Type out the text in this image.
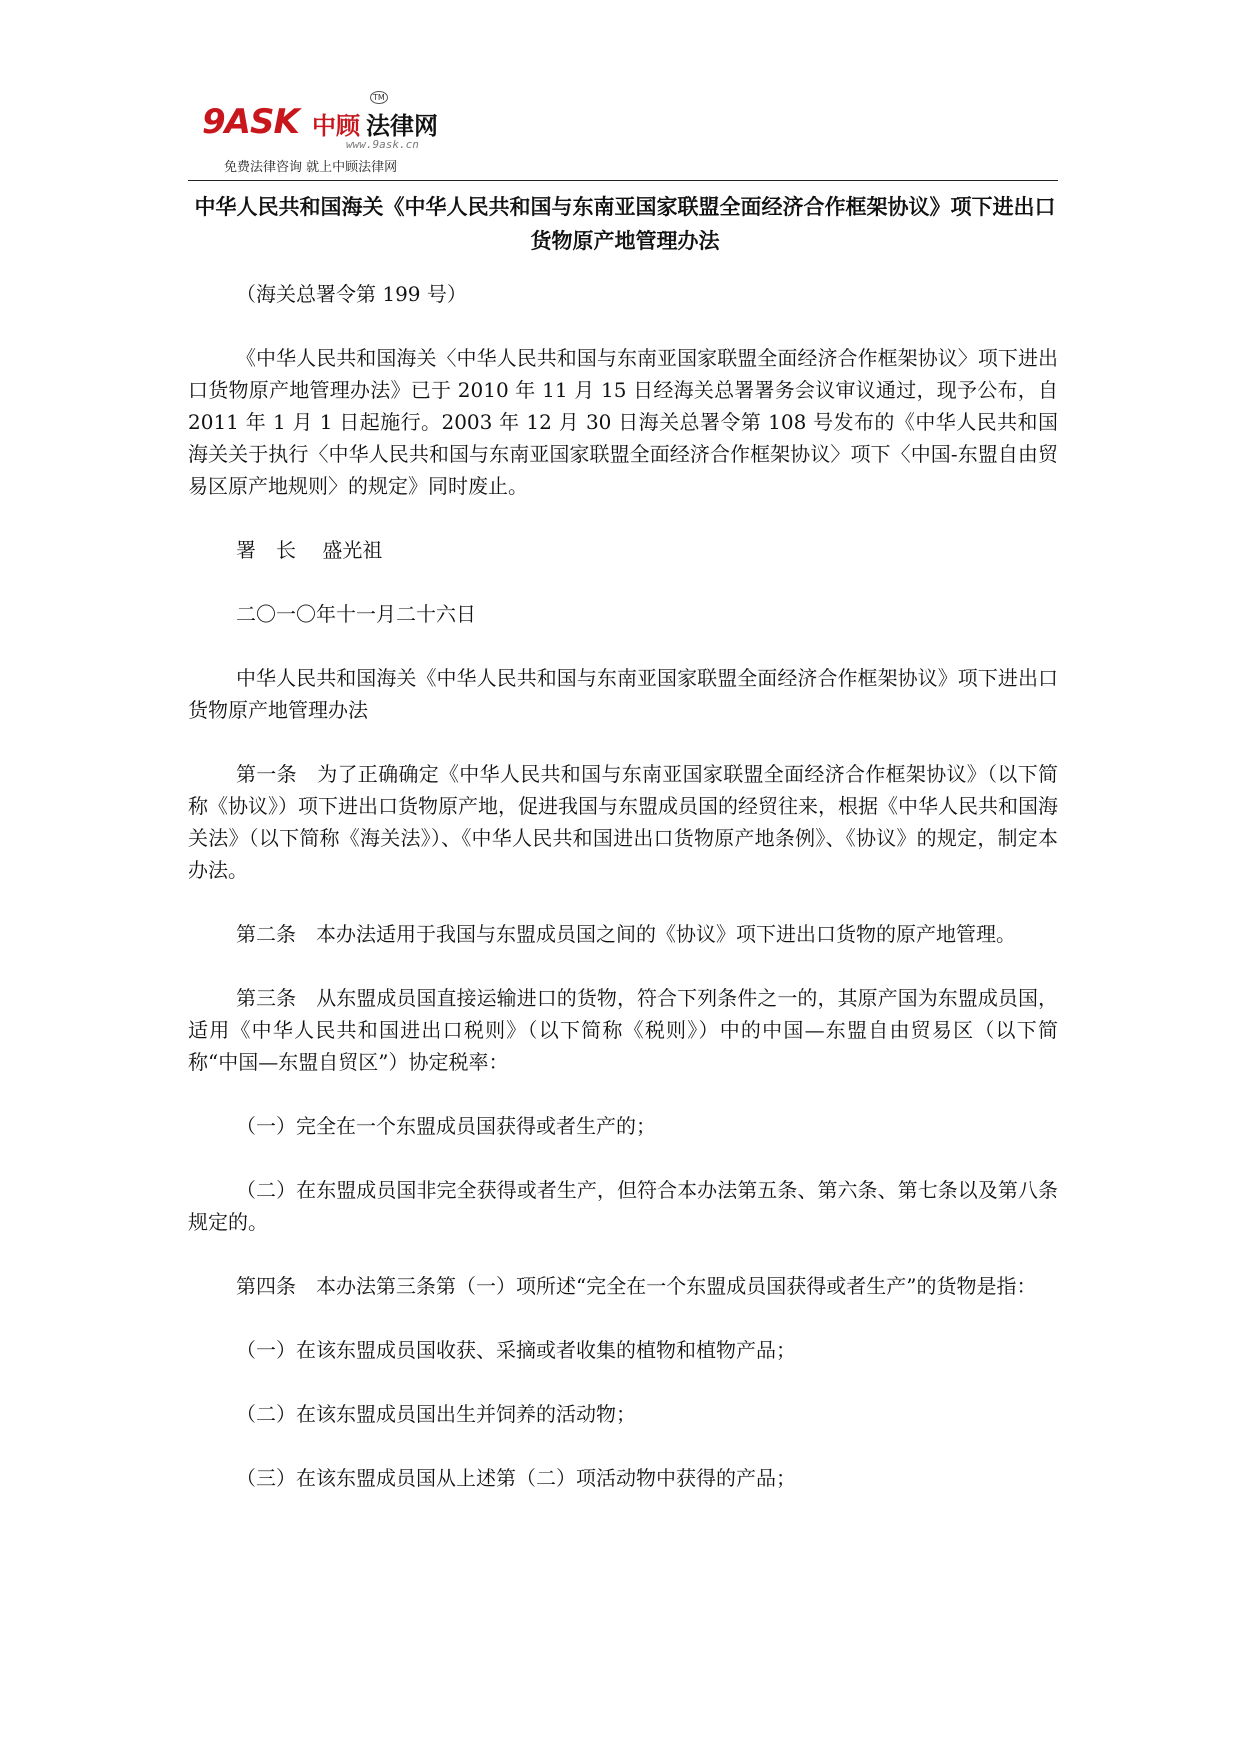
9ASK 中顾 法律网
TM
www.9ask.cn
免费法律咨询 就上中顾法律网
中华人民共和国海关《中华人民共和国与东南亚国家联盟全面经济合作框架协议》项下进出口货物原产地管理办法

（海关总署令第 199 号）

《中华人民共和国海关〈中华人民共和国与东南亚国家联盟全面经济合作框架协议〉项下进出口货物原产地管理办法》已于 2010 年 11 月 15 日经海关总署署务会议审议通过，现予公布，自 2011 年 1 月 1 日起施行。2003 年 12 月 30 日海关总署令第 108 号发布的《中华人民共和国海关关于执行〈中华人民共和国与东南亚国家联盟全面经济合作框架协议〉项下〈中国-东盟自由贸易区原产地规则〉的规定》同时废止。

署　长　 盛光祖

二〇一〇年十一月二十六日

中华人民共和国海关《中华人民共和国与东南亚国家联盟全面经济合作框架协议》项下进出口货物原产地管理办法

第一条　为了正确确定《中华人民共和国与东南亚国家联盟全面经济合作框架协议》（以下简称《协议》）项下进出口货物原产地，促进我国与东盟成员国的经贸往来，根据《中华人民共和国海关法》（以下简称《海关法》）、《中华人民共和国进出口货物原产地条例》、《协议》的规定，制定本办法。

第二条　本办法适用于我国与东盟成员国之间的《协议》项下进出口货物的原产地管理。

第三条　从东盟成员国直接运输进口的货物，符合下列条件之一的，其原产国为东盟成员国，适用《中华人民共和国进出口税则》（以下简称《税则》）中的中国—东盟自由贸易区（以下简称“中国—东盟自贸区”）协定税率：

（一）完全在一个东盟成员国获得或者生产的；

（二）在东盟成员国非完全获得或者生产，但符合本办法第五条、第六条、第七条以及第八条规定的。

第四条　本办法第三条第（一）项所述“完全在一个东盟成员国获得或者生产”的货物是指：

（一）在该东盟成员国收获、采摘或者收集的植物和植物产品；

（二）在该东盟成员国出生并饲养的活动物；

（三）在该东盟成员国从上述第（二）项活动物中获得的产品；
